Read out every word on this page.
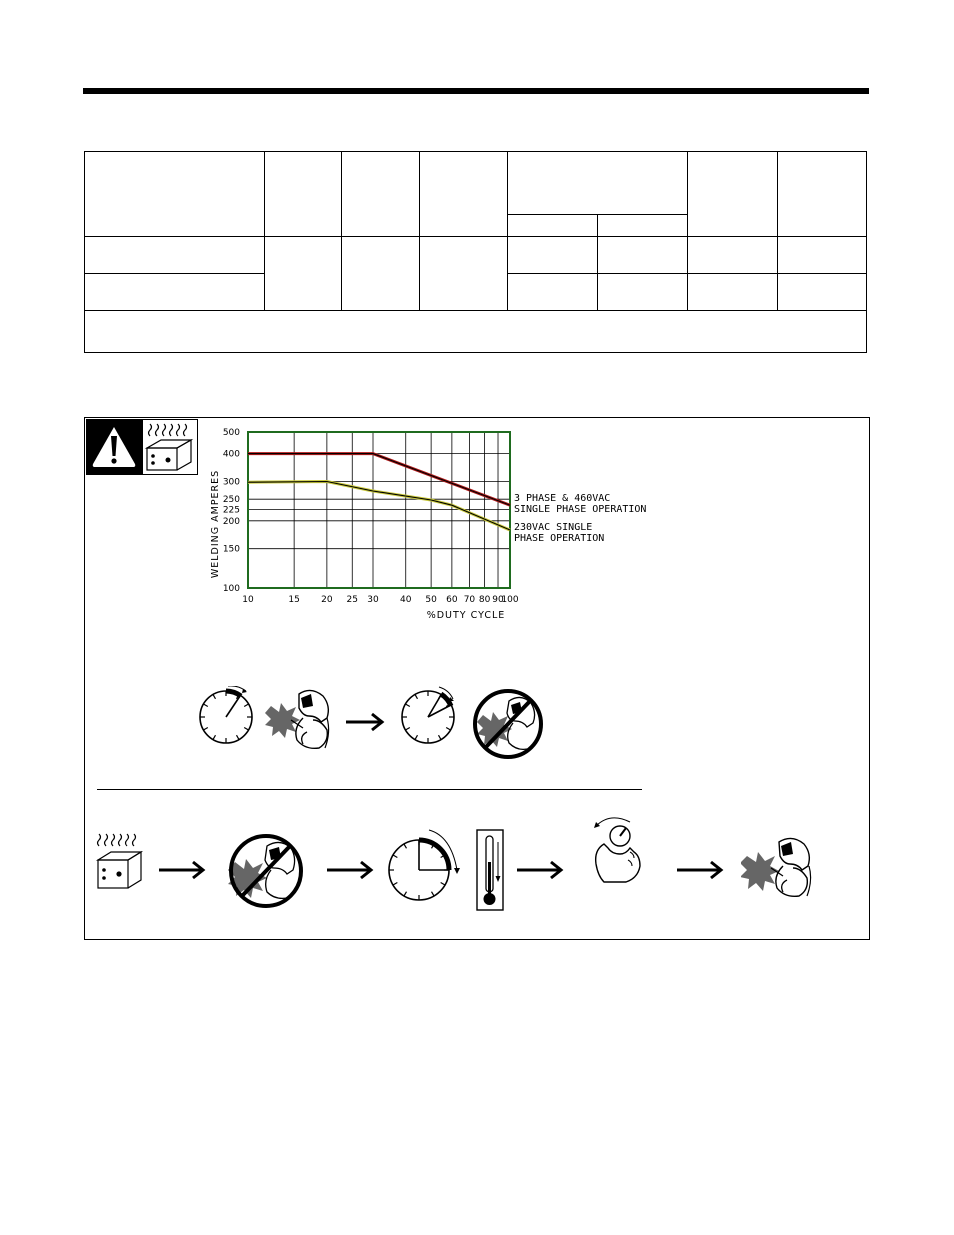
10	15 20 25 30 40 50 60 70 80 90
100
500
400
300
250
225
200
150
100
WELDING AMPERES
%DUTY CYCLE
3 PHASE & 460VAC
SINGLE PHASE OPERATION
230VAC SINGLE
PHASE OPERATION
